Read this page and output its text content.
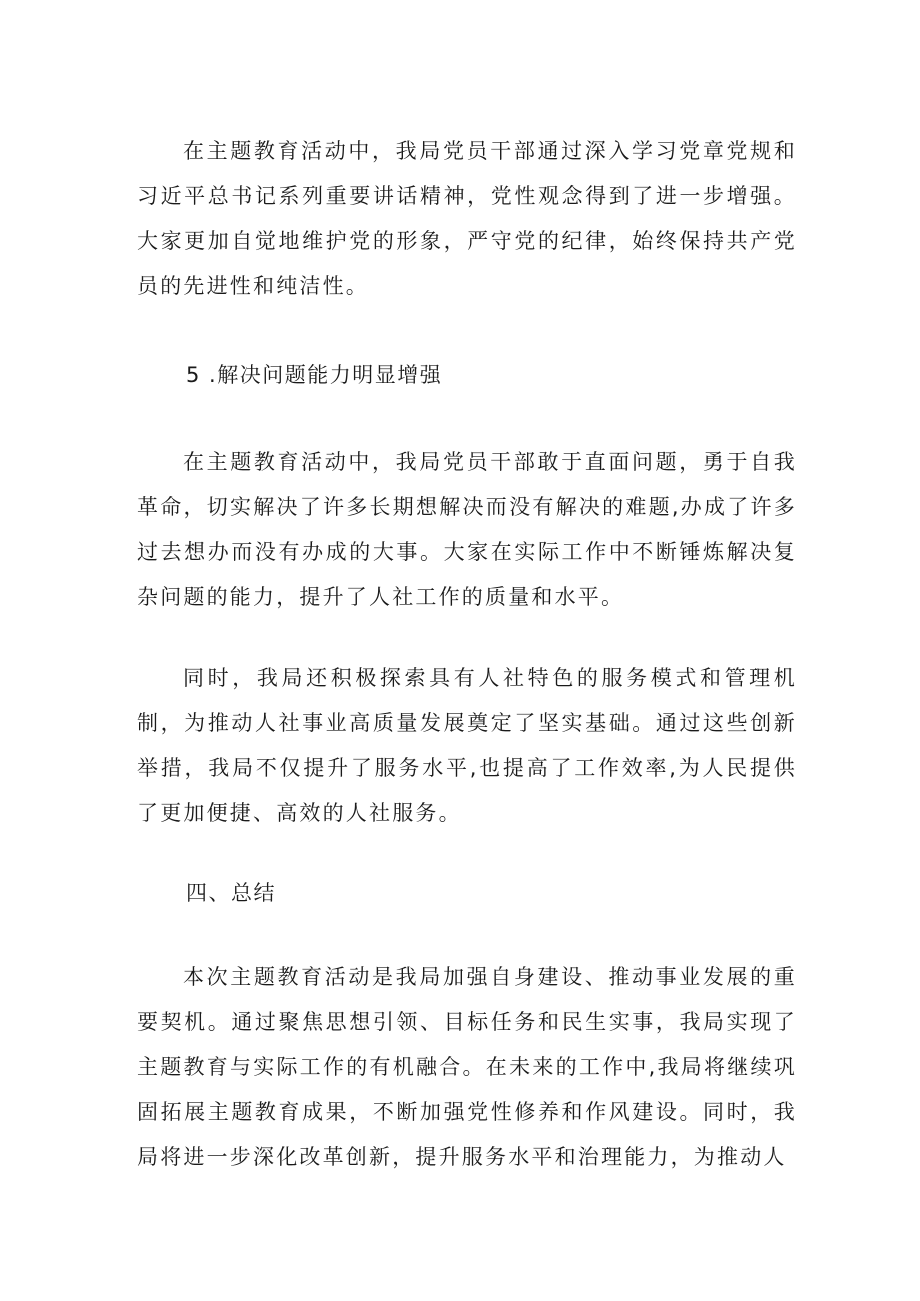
在主题教育活动中，我局党员干部通过深入学习党章党规和习近平总书记系列重要讲话精神，党性观念得到了进一步增强。大家更加自觉地维护党的形象，严守党的纪律，始终保持共产党员的先进性和纯洁性。

5 .解决问题能力明显增强

在主题教育活动中，我局党员干部敢于直面问题，勇于自我革命，切实解决了许多长期想解决而没有解决的难题,办成了许多过去想办而没有办成的大事。大家在实际工作中不断锤炼解决复杂问题的能力，提升了人社工作的质量和水平。

同时，我局还积极探索具有人社特色的服务模式和管理机制，为推动人社事业高质量发展奠定了坚实基础。通过这些创新举措，我局不仅提升了服务水平,也提高了工作效率,为人民提供了更加便捷、高效的人社服务。

四、总结

本次主题教育活动是我局加强自身建设、推动事业发展的重要契机。通过聚焦思想引领、目标任务和民生实事，我局实现了主题教育与实际工作的有机融合。在未来的工作中,我局将继续巩固拓展主题教育成果，不断加强党性修养和作风建设。同时，我局将进一步深化改革创新，提升服务水平和治理能力，为推动人
